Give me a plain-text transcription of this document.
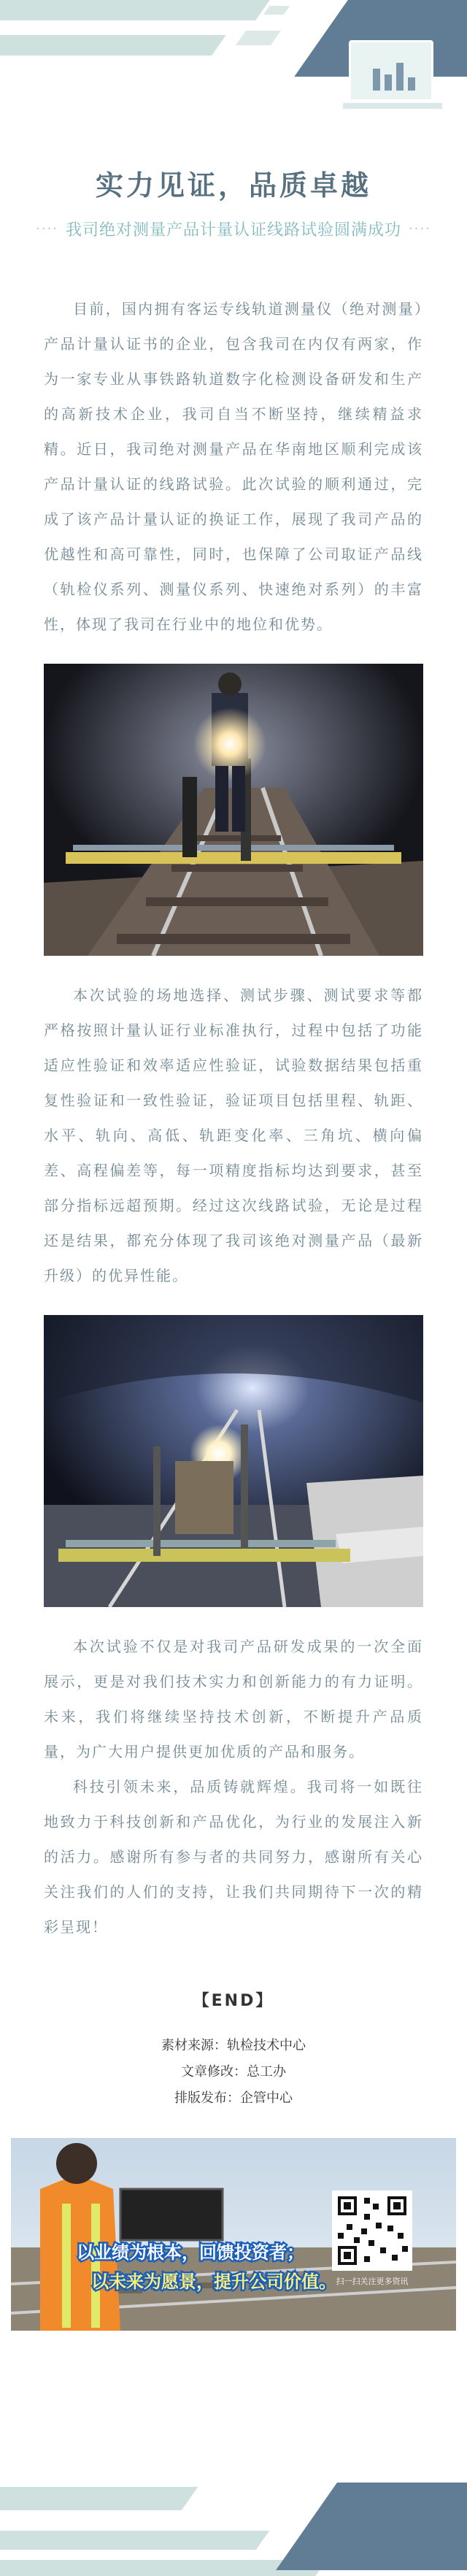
实力见证，品质卓越
···· 我司绝对测量产品计量认证线路试验圆满成功 ····

目前，国内拥有客运专线轨道测量仪（绝对测量）产品计量认证书的企业，包含我司在内仅有两家，作为一家专业从事铁路轨道数字化检测设备研发和生产的高新技术企业，我司自当不断坚持，继续精益求精。近日，我司绝对测量产品在华南地区顺利完成该产品计量认证的线路试验。此次试验的顺利通过，完成了该产品计量认证的换证工作，展现了我司产品的优越性和高可靠性，同时，也保障了公司取证产品线（轨检仪系列、测量仪系列、快速绝对系列）的丰富性，体现了我司在行业中的地位和优势。

本次试验的场地选择、测试步骤、测试要求等都严格按照计量认证行业标准执行，过程中包括了功能适应性验证和效率适应性验证，试验数据结果包括重复性验证和一致性验证，验证项目包括里程、轨距、水平、轨向、高低、轨距变化率、三角坑、横向偏差、高程偏差等，每一项精度指标均达到要求，甚至部分指标远超预期。经过这次线路试验，无论是过程还是结果，都充分体现了我司该绝对测量产品（最新升级）的优异性能。

本次试验不仅是对我司产品研发成果的一次全面展示，更是对我们技术实力和创新能力的有力证明。未来，我们将继续坚持技术创新，不断提升产品质量，为广大用户提供更加优质的产品和服务。

科技引领未来，品质铸就辉煌。我司将一如既往地致力于科技创新和产品优化，为行业的发展注入新的活力。感谢所有参与者的共同努力，感谢所有关心关注我们的人们的支持，让我们共同期待下一次的精彩呈现！

【END】
素材来源：轨检技术中心
文章修改：总工办
排版发布：企管中心
以业绩为根本，回馈投资者；
以未来为愿景，提升公司价值。 扫一扫关注更多资讯
